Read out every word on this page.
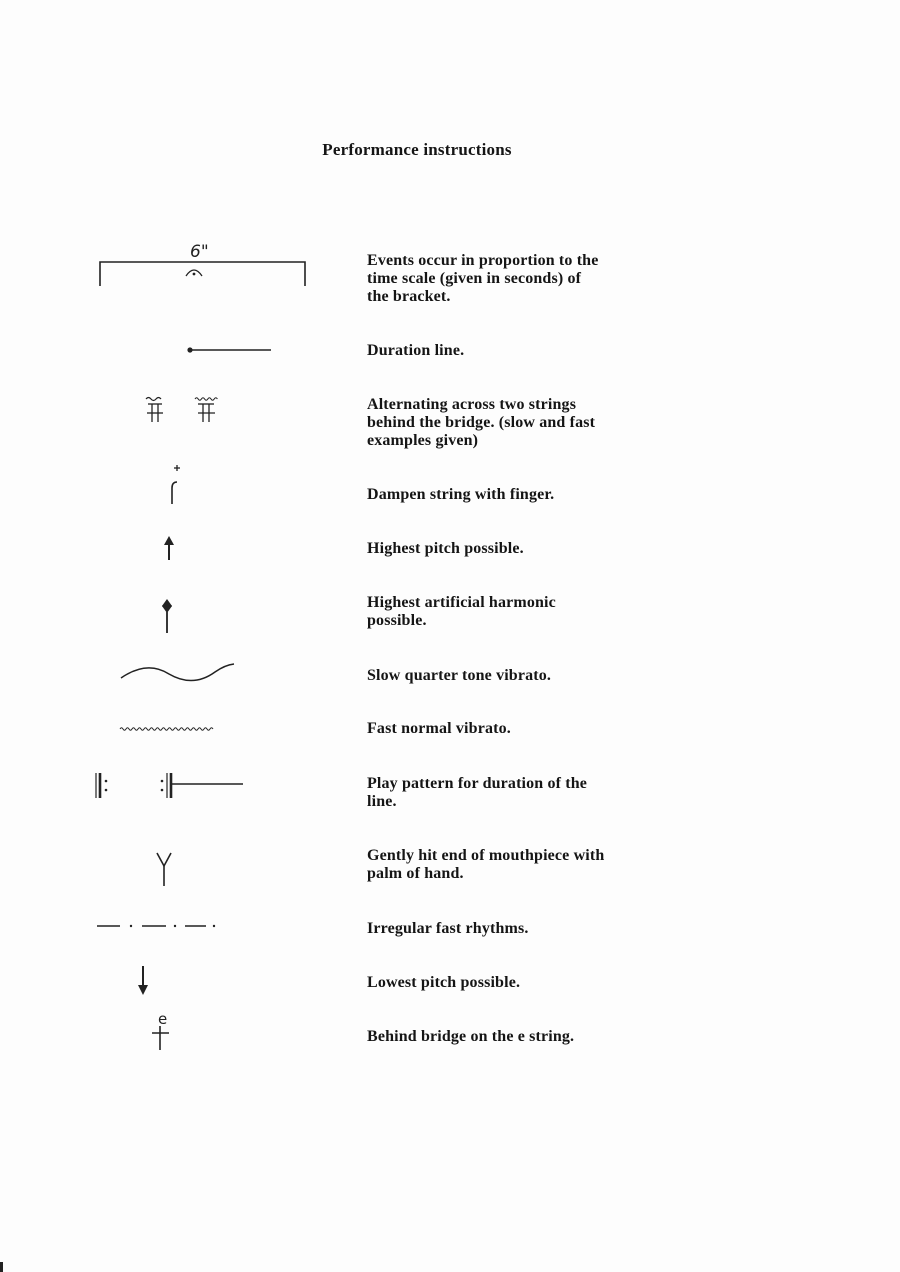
Performance instructions
6"	Events occur in proportion to the
time scale (given in seconds) of
the bracket.
Duration line.
Alternating across two strings
behind the bridge. (slow and fast
examples given)
Dampen string with finger.
Highest pitch possible.
Highest artificial harmonic
possible.
Slow quarter tone vibrato.
Fast normal vibrato.
Play pattern for duration of the
line.
Gently hit end of mouthpiece with
palm of hand.
Irregular fast rhythms.
Lowest pitch possible.
e
Behind bridge on the e string.
